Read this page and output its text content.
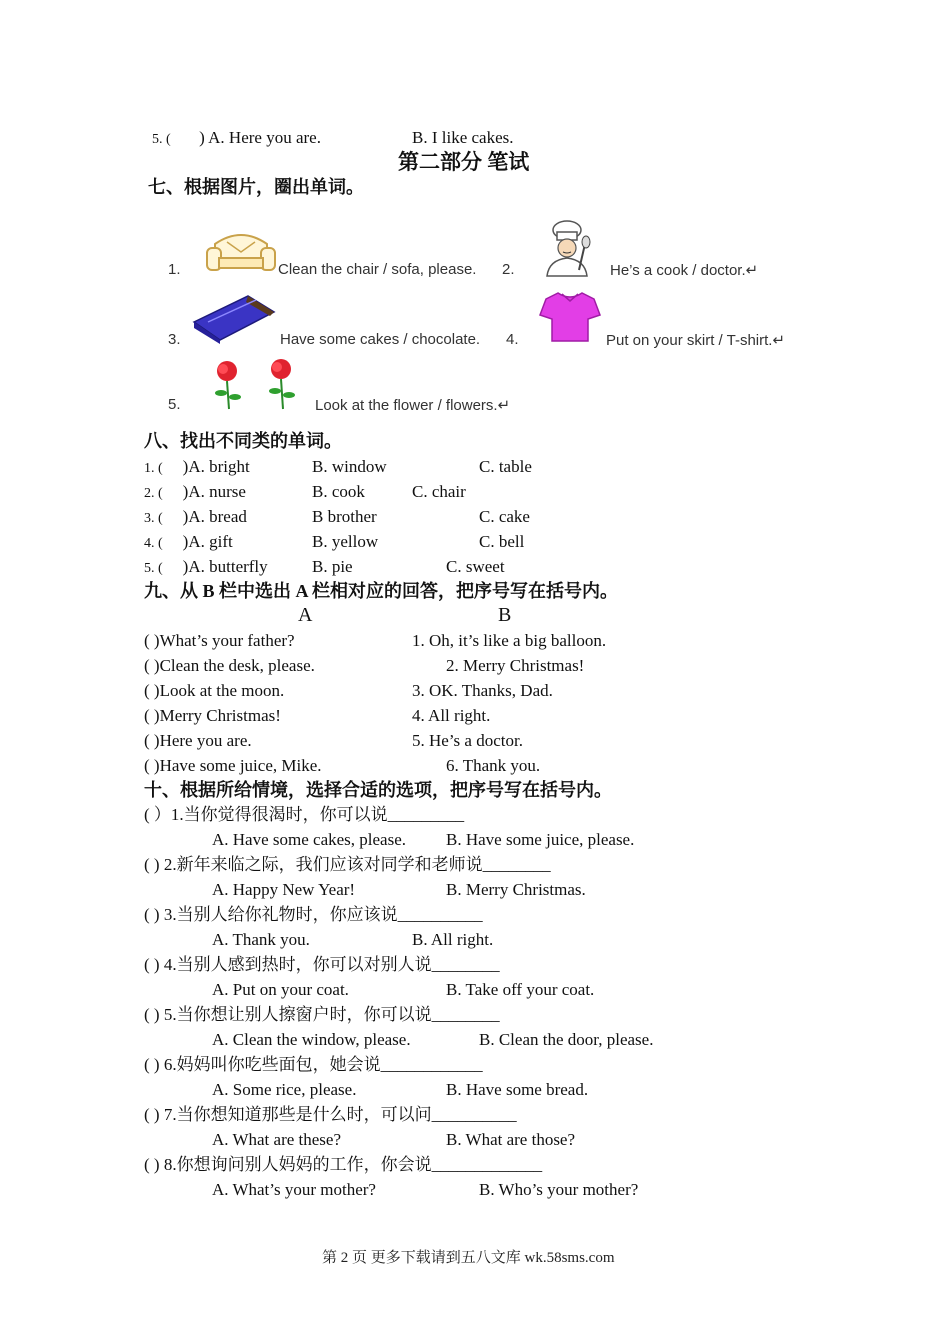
5. ( ) A. Here you are.	B. I like cakes.
第二部分 笔试
七、根据图片，圈出单词。
1.	Clean the chair / sofa, please. 2.	He’s a cook / doctor.↵
3.	Have some cakes / chocolate. 4.	Put on your skirt / T-shirt.↵
5.	Look at the flower / flowers.↵
八、找出不同类的单词。
1. ( )A. bright	B. window	C. table
2. ( )A. nurse	B. cook	C. chair
3. ( )A. bread	B brother	C. cake
4. ( )A. gift	B. yellow	C. bell
5. ( )A. butterfly	B. pie	C. sweet
九、从 B 栏中选出 A 栏相对应的回答，把序号写在括号内。
A	B
( )What’s your father?	1. Oh, it’s like a big balloon.
( )Clean the desk, please.	2. Merry Christmas!
( )Look at the moon.	3. OK. Thanks, Dad.
( )Merry Christmas!	4. All right.
( )Here you are.	5. He’s a doctor.
( )Have some juice, Mike.	6. Thank you.
十、根据所给情境，选择合适的选项，把序号写在括号内。
( ）1.当你觉得很渴时，你可以说_________
A. Have some cakes, please. B. Have some juice, please.
( ) 2.新年来临之际，我们应该对同学和老师说________
A. Happy New Year!	B. Merry Christmas.
( ) 3.当别人给你礼物时，你应该说__________
A. Thank you.	B. All right.
( ) 4.当别人感到热时，你可以对别人说________
A. Put on your coat.	B. Take off your coat.
( ) 5.当你想让别人擦窗户时，你可以说________
A. Clean the window, please.	B. Clean the door, please.
( ) 6.妈妈叫你吃些面包，她会说____________
A. Some rice, please.	B. Have some bread.
( ) 7.当你想知道那些是什么时，可以问__________
A. What are these?	B. What are those?
( ) 8.你想询问别人妈妈的工作，你会说_____________
A. What’s your mother?	B. Who’s your mother?
第 2 页 更多下载请到五八文库 wk.58sms.com
